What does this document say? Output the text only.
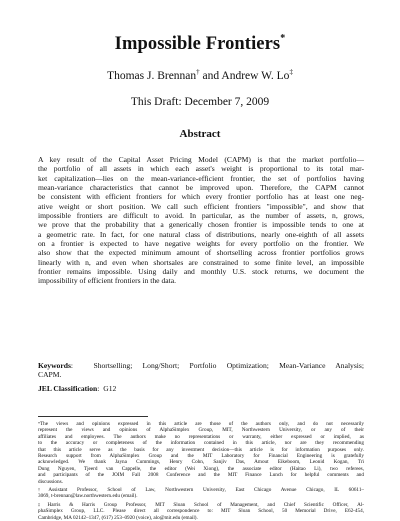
Impossible Frontiers*
Thomas J. Brennan† and Andrew W. Lo‡
This Draft: December 7, 2009
Abstract
A key result of the Capital Asset Pricing Model (CAPM) is that the market portfolio—
the portfolio of all assets in which each asset's weight is proportional to its total mar-
ket capitalization—lies on the mean-variance-efficient frontier, the set of portfolios having
mean-variance characteristics that cannot be improved upon. Therefore, the CAPM cannot
be consistent with efficient frontiers for which every frontier portfolio has at least one neg-
ative weight or short position. We call such efficient frontiers "impossible", and show that
impossible frontiers are difficult to avoid. In particular, as the number of assets, n, grows,
we prove that the probability that a generically chosen frontier is impossible tends to one at
a geometric rate. In fact, for one natural class of distributions, nearly one-eighth of all assets
on a frontier is expected to have negative weights for every portfolio on the frontier. We
also show that the expected minimum amount of shortselling across frontier portfolios grows
linearly with n, and even when shortsales are constrained to some finite level, an impossible
frontier remains impossible. Using daily and monthly U.S. stock returns, we document the
impossibility of efficient frontiers in the data.
Keywords:  Shortselling; Long/Short; Portfolio Optimization; Mean-Variance Analysis;
CAPM.
JEL Classification:  G12
*The views and opinions expressed in this article are those of the authors only, and do not necessarily
represent the views and opinions of AlphaSimplex Group, MIT, Northwestern University, or any of their
affiliates and employees. The authors make no representations or warranty, either expressed or implied, as
to the accuracy or completeness of the information contained in this article, nor are they recommending
that this article serve as the basis for any investment decision—this article is for information purposes only.
Research support from AlphaSimplex Group and the MIT Laboratory for Financial Engineering is gratefully
acknowledged. We thank Jayna Cummings, Henry Cohn, Sanjiv Das, Amout Eikeboom, Leonid Kogan, Trì
Dung Nguyen, Tjeerd van Cappelle, the editor (Wei Xiong), the associate editor (Haitao Li), two referees,
and participants of the JOIM Fall 2008 Conference and the MIT Finance Lunch for helpful comments and
discussions.
†Assistant Professor, School of Law, Northwestern University, East Chicago Avenue Chicago, IL 60611–
3069, t-brennan@law.northwestern.edu (email).
‡Harris & Harris Group Professor, MIT Sloan School of Management, and Chief Scientific Officer, Al-
phaSimplex Group, LLC. Please direct all correspondence to: MIT Sloan School, 50 Memorial Drive, E62-454,
Cambridge, MA 02142–1347, (617) 253–0920 (voice), alo@mit.edu (email).
